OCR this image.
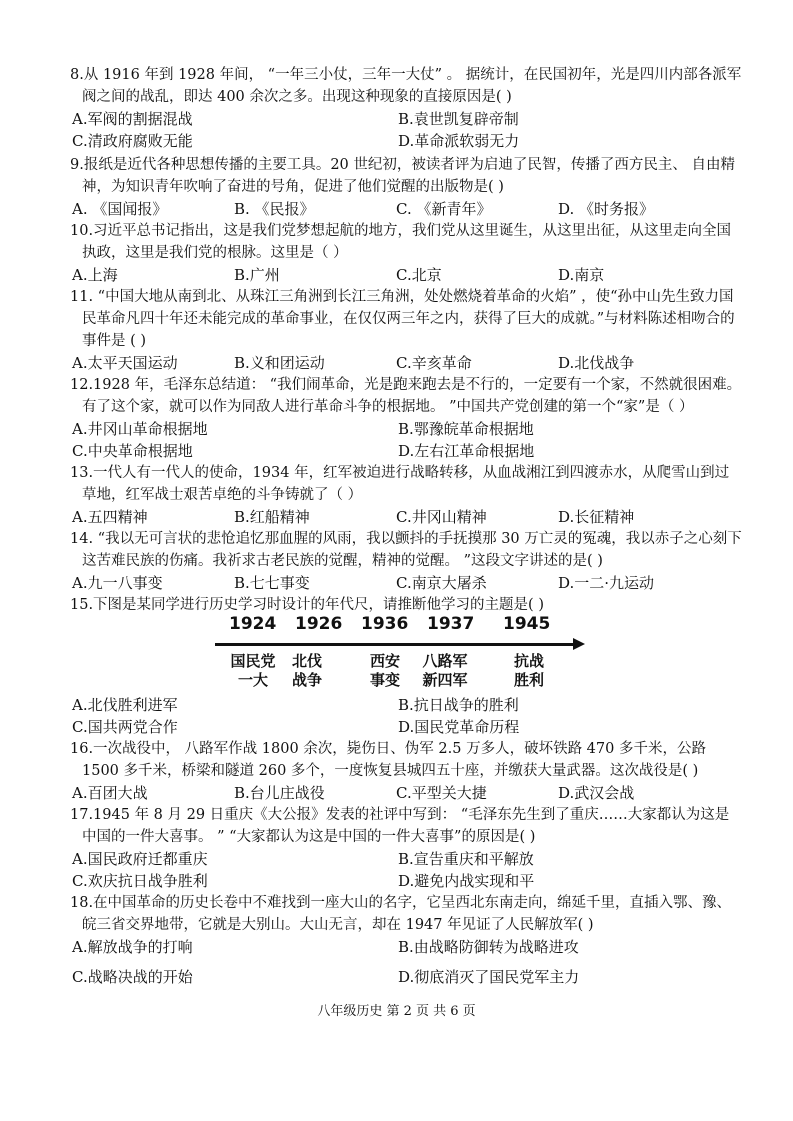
8.从 1916 年到 1928 年间， “一年三小仗，三年一大仗” 。 据统计，在民国初年，光是四川内部各派军阀之间的战乱，即达 400 余次之多。出现这种现象的直接原因是( )
A.军阀的割据混战	B.袁世凯复辟帝制
C.清政府腐败无能	D.革命派软弱无力
9.报纸是近代各种思想传播的主要工具。20 世纪初，被读者评为启迪了民智，传播了西方民主、 自由精神，为知识青年吹响了奋进的号角，促进了他们觉醒的出版物是( )
A. 《国闻报》	B. 《民报》	C. 《新青年》	D. 《时务报》
10.习近平总书记指出，这是我们党梦想起航的地方，我们党从这里诞生，从这里出征，从这里走向全国执政，这里是我们党的根脉。这里是（ ）
A.上海	B.广州	C.北京	D.南京
11. “中国大地从南到北、从珠江三角洲到长江三角洲，处处燃烧着革命的火焰” ，使“孙中山先生致力国民革命凡四十年还未能完成的革命事业，在仅仅两三年之内，获得了巨大的成就。”与材料陈述相吻合的事件是 ( )
A.太平天国运动	B.义和团运动	C.辛亥革命	D.北伐战争
12.1928 年，毛泽东总结道： “我们闹革命，光是跑来跑去是不行的，一定要有一个家，不然就很困难。有了这个家，就可以作为同敌人进行革命斗争的根据地。 ”中国共产党创建的第一个“家”是（ ）
A.井冈山革命根据地	B.鄂豫皖革命根据地
C.中央革命根据地	D.左右江革命根据地
13.一代人有一代人的使命，1934 年，红军被迫进行战略转移，从血战湘江到四渡赤水，从爬雪山到过草地，红军战士艰苦卓绝的斗争铸就了（ ）
A.五四精神	B.红船精神	C.井冈山精神	D.长征精神
14. “我以无可言状的悲怆追忆那血腥的风雨，我以颤抖的手抚摸那 30 万亡灵的冤魂，我以赤子之心刻下这苦难民族的伤痛。我祈求古老民族的觉醒，精神的觉醒。 ”这段文字讲述的是( )
A.九一八事变	B.七七事变	C.南京大屠杀	D.一二·九运动
15.下图是某同学进行历史学习时设计的年代尺，请推断他学习的主题是( )
1924 1926 1936 1937 1945
国民党
一大
北伐
战争
西安
事变
八路军
新四军
抗战
胜利
A.北伐胜利进军	B.抗日战争的胜利
C.国共两党合作	D.国民党革命历程
16.一次战役中， 八路军作战 1800 余次，毙伤日、伪军 2.5 万多人，破坏铁路 470 多千米，公路 1500 多千米，桥梁和隧道 260 多个，一度恢复县城四五十座，并缴获大量武器。这次战役是( )
A.百团大战	B.台儿庄战役	C.平型关大捷	D.武汉会战
17.1945 年 8 月 29 日重庆《大公报》发表的社评中写到： “毛泽东先生到了重庆……大家都认为这是中国的一件大喜事。 ” “大家都认为这是中国的一件大喜事”的原因是( )
A.国民政府迁都重庆	B.宣告重庆和平解放
C.欢庆抗日战争胜利	D.避免内战实现和平
18.在中国革命的历史长卷中不难找到一座大山的名字，它呈西北东南走向，绵延千里，直插入鄂、豫、皖三省交界地带，它就是大别山。大山无言，却在 1947 年见证了人民解放军( )
A.解放战争的打响	B.由战略防御转为战略进攻
C.战略决战的开始	D.彻底消灭了国民党军主力
八年级历史 第 2 页 共 6 页
